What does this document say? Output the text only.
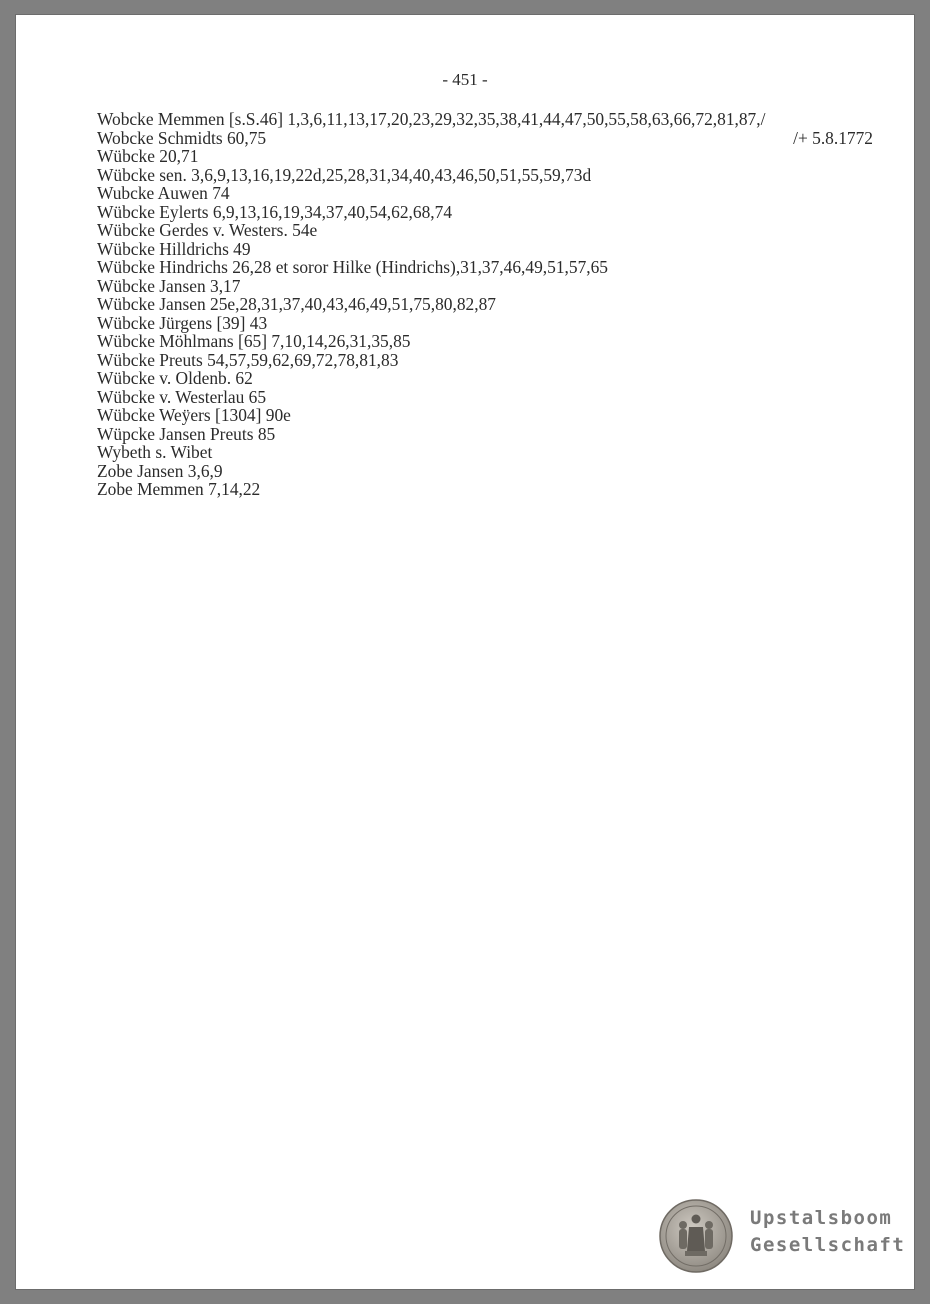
- 451 -
Wobcke Memmen [s.S.46] 1,3,6,11,13,17,20,23,29,32,35,38,41,44,47,50,55,58,63,66,72,81,87,/
Wobcke Schmidts 60,75	/+ 5.8.1772
Wübcke 20,71
Wübcke sen. 3,6,9,13,16,19,22d,25,28,31,34,40,43,46,50,51,55,59,73d
Wubcke Auwen 74
Wübcke Eylerts 6,9,13,16,19,34,37,40,54,62,68,74
Wübcke Gerdes v. Westers. 54e
Wübcke Hilldrichs 49
Wübcke Hindrichs 26,28 et soror Hilke (Hindrichs),31,37,46,49,51,57,65
Wübcke Jansen 3,17
Wübcke Jansen 25e,28,31,37,40,43,46,49,51,75,80,82,87
Wübcke Jürgens [39] 43
Wübcke Möhlmans [65] 7,10,14,26,31,35,85
Wübcke Preuts 54,57,59,62,69,72,78,81,83
Wübcke v. Oldenb. 62
Wübcke v. Westerlau 65
Wübcke Weÿers [1304] 90e
Wüpcke Jansen Preuts 85
Wybeth s. Wibet
Zobe Jansen 3,6,9
Zobe Memmen 7,14,22
Upstalsboom
Gesellschaft
